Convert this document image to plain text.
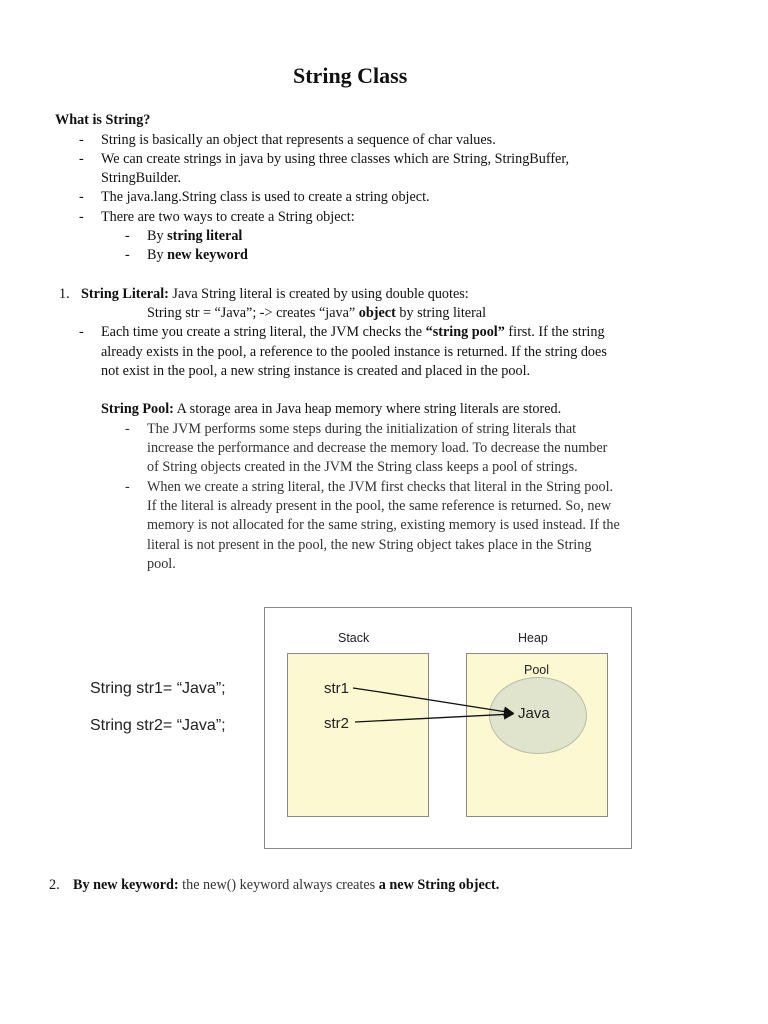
String Class
What is String?
- String is basically an object that represents a sequence of char values.
- We can create strings in java by using three classes which are String, StringBuffer,
StringBuilder.
- The java.lang.String class is used to create a string object.
- There are two ways to create a String object:
- By string literal
- By new keyword
1. String Literal: Java String literal is created by using double quotes:
String str = “Java”; -> creates “java” object by string literal
- Each time you create a string literal, the JVM checks the “string pool” first. If the string
already exists in the pool, a reference to the pooled instance is returned. If the string does
not exist in the pool, a new string instance is created and placed in the pool.
String Pool: A storage area in Java heap memory where string literals are stored.
- The JVM performs some steps during the initialization of string literals that
increase the performance and decrease the memory load. To decrease the number
of String objects created in the JVM the String class keeps a pool of strings.
- When we create a string literal, the JVM first checks that literal in the String pool.
If the literal is already present in the pool, the same reference is returned. So, new
memory is not allocated for the same string, existing memory is used instead. If the
literal is not present in the pool, the new String object takes place in the String
pool.
String str1= “Java”;
String str2= “Java”;
Stack	Heap
Pool
str1
str2
Java
2. By new keyword: the new() keyword always creates a new String object.
